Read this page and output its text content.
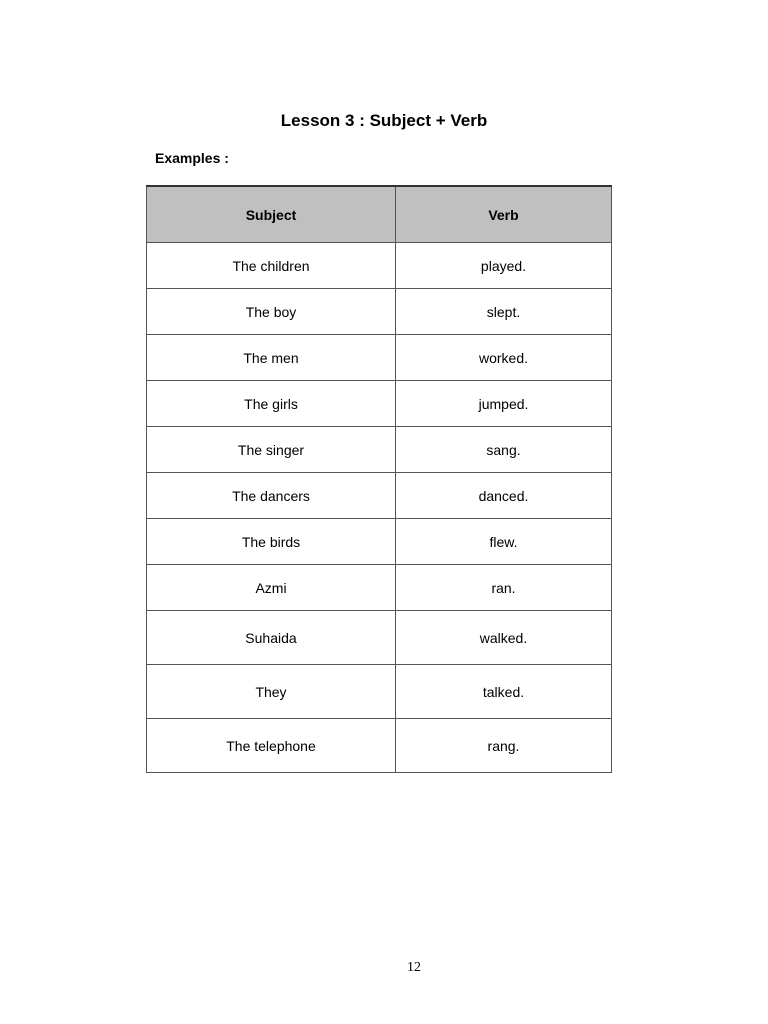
Lesson 3 : Subject + Verb
Examples :
Subject	Verb
The children	played.
The boy	slept.
The men	worked.
The girls	jumped.
The singer	sang.
The dancers	danced.
The birds	flew.
Azmi	ran.
Suhaida	walked.
They	talked.
The telephone	rang.
12
